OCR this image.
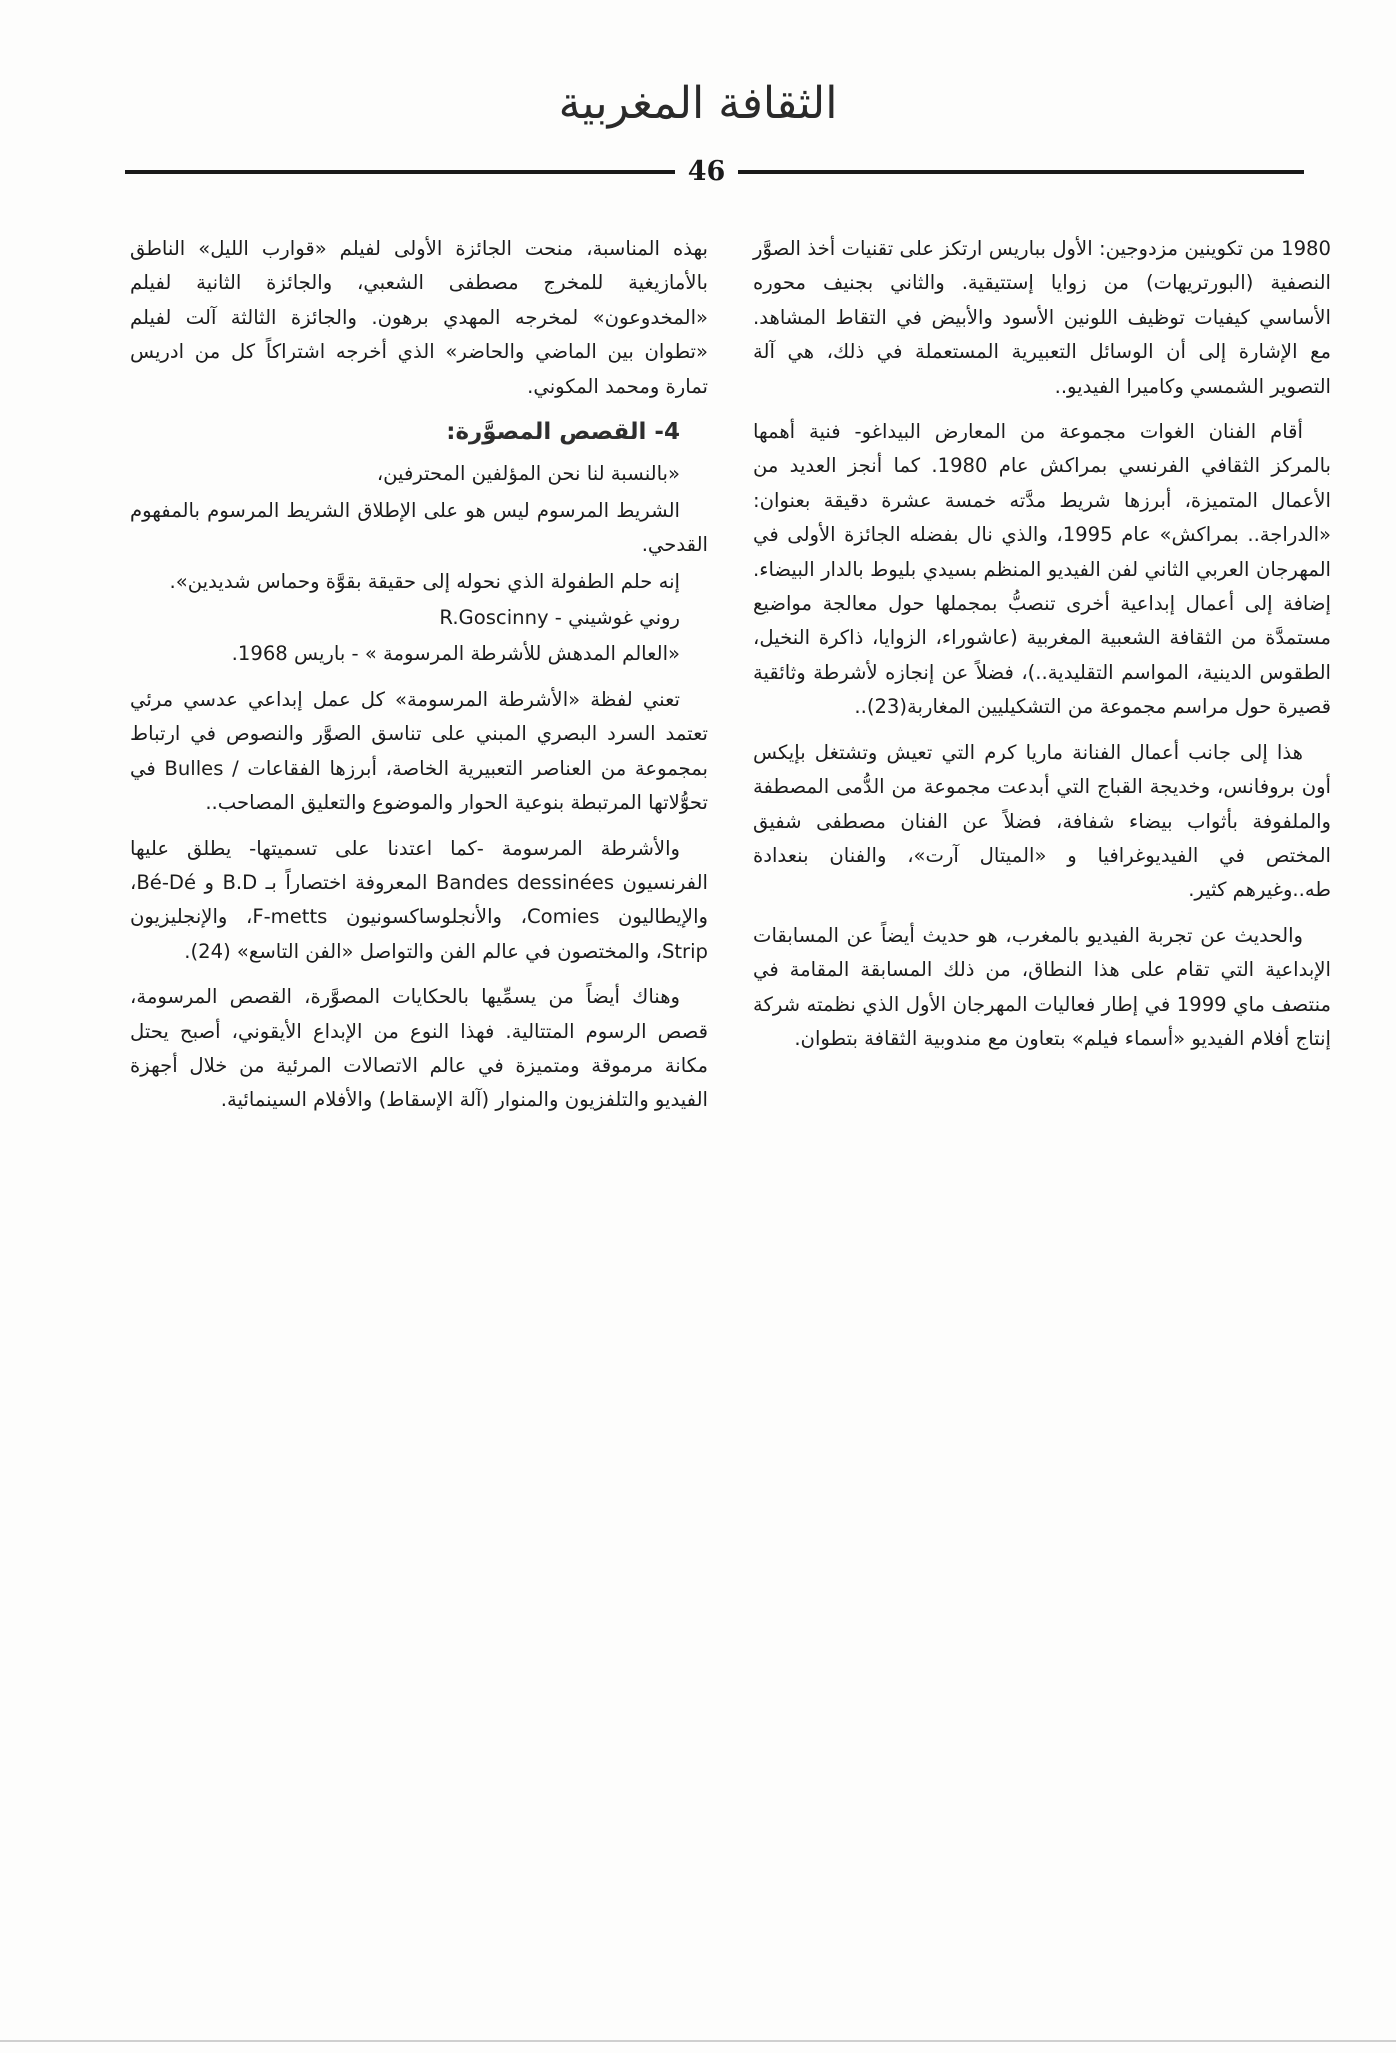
الثقافة المغربية
46

1980 من تكوينين مزدوجين: الأول بباريس ارتكز على تقنيات أخذ الصوَّر النصفية (البورتريهات) من زوايا إستتيقية. والثاني بجنيف محوره الأساسي كيفيات توظيف اللونين الأسود والأبيض في التقاط المشاهد. مع الإشارة إلى أن الوسائل التعبيرية المستعملة في ذلك، هي آلة التصوير الشمسي وكاميرا الفيديو..

أقام الفنان الغوات مجموعة من المعارض البيداغو- فنية أهمها بالمركز الثقافي الفرنسي بمراكش عام 1980. كما أنجز العديد من الأعمال المتميزة، أبرزها شريط مدَّته خمسة عشرة دقيقة بعنوان: «الدراجة.. بمراكش» عام 1995، والذي نال بفضله الجائزة الأولى في المهرجان العربي الثاني لفن الفيديو المنظم بسيدي بليوط بالدار البيضاء. إضافة إلى أعمال إبداعية أخرى تنصبُّ بمجملها حول معالجة مواضيع مستمدَّة من الثقافة الشعبية المغربية (عاشوراء، الزوايا، ذاكرة النخيل، الطقوس الدينية، المواسم التقليدية..)، فضلاً عن إنجازه لأشرطة وثائقية قصيرة حول مراسم مجموعة من التشكيليين المغاربة(23)..

هذا إلى جانب أعمال الفنانة ماريا كرم التي تعيش وتشتغل بإيكس أون بروفانس، وخديجة القباج التي أبدعت مجموعة من الدُّمى المصطفة والملفوفة بأثواب بيضاء شفافة، فضلاً عن الفنان مصطفى شفيق المختص في الفيديوغرافيا و «الميتال آرت»، والفنان بنعدادة طه..وغيرهم كثير.

والحديث عن تجربة الفيديو بالمغرب، هو حديث أيضاً عن المسابقات الإبداعية التي تقام على هذا النطاق، من ذلك المسابقة المقامة في منتصف ماي 1999 في إطار فعاليات المهرجان الأول الذي نظمته شركة إنتاج أفلام الفيديو «أسماء فيلم» بتعاون مع مندوبية الثقافة بتطوان.

بهذه المناسبة، منحت الجائزة الأولى لفيلم «قوارب الليل» الناطق بالأمازيغية للمخرج مصطفى الشعبي، والجائزة الثانية لفيلم «المخدوعون» لمخرجه المهدي برهون. والجائزة الثالثة آلت لفيلم «تطوان بين الماضي والحاضر» الذي أخرجه اشتراكاً كل من ادريس تمارة ومحمد المكوني.

4- القصص المصوَّرة:

«بالنسبة لنا نحن المؤلفين المحترفين،

الشريط المرسوم ليس هو على الإطلاق الشريط المرسوم بالمفهوم القدحي.

إنه حلم الطفولة الذي نحوله إلى حقيقة بقوَّة وحماس شديدين».

روني غوشيني - R.Goscinny

«العالم المدهش للأشرطة المرسومة » - باريس 1968.

تعني لفظة «الأشرطة المرسومة» كل عمل إبداعي عدسي مرئي تعتمد السرد البصري المبني على تناسق الصوَّر والنصوص في ارتباط بمجموعة من العناصر التعبيرية الخاصة، أبرزها الفقاعات / Bulles في تحوُّلاتها المرتبطة بنوعية الحوار والموضوع والتعليق المصاحب..

والأشرطة المرسومة -كما اعتدنا على تسميتها- يطلق عليها الفرنسيون Bandes dessinées المعروفة اختصاراً بـ B.D و Bé-Dé، والإيطاليون Comies، والأنجلوساكسونيون F-metts، والإنجليزيون Strip، والمختصون في عالم الفن والتواصل «الفن التاسع» (24).

وهناك أيضاً من يسمِّيها بالحكايات المصوَّرة، القصص المرسومة، قصص الرسوم المتتالية. فهذا النوع من الإبداع الأيقوني، أصبح يحتل مكانة مرموقة ومتميزة في عالم الاتصالات المرئية من خلال أجهزة الفيديو والتلفزيون والمنوار (آلة الإسقاط) والأفلام السينمائية.
